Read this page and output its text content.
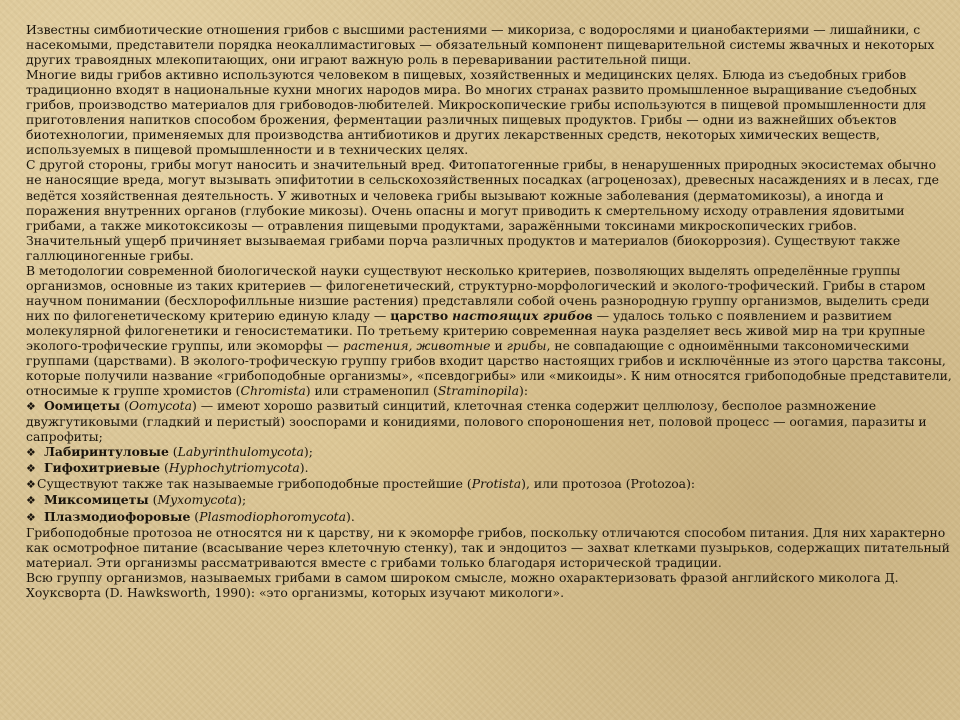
Известны симбиотические отношения грибов с высшими растениями — микориза, с водорослями и цианобактериями — лишайники, с насекомыми, представители порядка неокаллимастиговых — обязательный компонент пищеварительной системы жвачных и некоторых других травоядных млекопитающих, они играют важную роль в переваривании растительной пищи.

Многие виды грибов активно используются человеком в пищевых, хозяйственных и медицинских целях. Блюда из съедобных грибов традиционно входят в национальные кухни многих народов мира. Во многих странах развито промышленное выращивание съедобных грибов, производство материалов для грибоводов-любителей. Микроскопические грибы используются в пищевой промышленности для приготовления напитков способом брожения, ферментации различных пищевых продуктов. Грибы — одни из важнейших объектов биотехнологии, применяемых для производства антибиотиков и других лекарственных средств, некоторых химических веществ, используемых в пищевой промышленности и в технических целях.

С другой стороны, грибы могут наносить и значительный вред. Фитопатогенные грибы, в ненарушенных природных экосистемах обычно не наносящие вреда, могут вызывать эпифитотии в сельскохозяйственных посадках (агроценозах), древесных насаждениях и в лесах, где ведётся хозяйственная деятельность. У животных и человека грибы вызывают кожные заболевания (дерматомикозы), а иногда и поражения внутренних органов (глубокие микозы). Очень опасны и могут приводить к смертельному исходу отравления ядовитыми грибами, а также микотоксикозы — отравления пищевыми продуктами, заражёнными токсинами микроскопических грибов. Значительный ущерб причиняет вызываемая грибами порча различных продуктов и материалов (биокоррозия). Существуют также галлюциногенные грибы.

В методологии современной биологической науки существуют несколько критериев, позволяющих выделять определённые группы организмов, основные из таких критериев — филогенетический, структурно-морфологический и эколого-трофический. Грибы в старом научном понимании (бесхлорофилльные низшие растения) представляли собой очень разнородную группу организмов, выделить среди них по филогенетическому критерию единую кладу — царство настоящих грибов — удалось только с появлением и развитием молекулярной филогенетики и геносистематики. По третьему критерию современная наука разделяет весь живой мир на три крупные эколого-трофические группы, или экоморфы — растения, животные и грибы, не совпадающие с одноимёнными таксономическими группами (царствами). В эколого-трофическую группу грибов входит царство настоящих грибов и исключённые из этого царства таксоны, которые получили название «грибоподобные организмы», «псевдогрибы» или «микоиды». К ним относятся грибоподобные представители, относимые к группе хромистов (Chromista) или страменопил (Straminopila):

❖ Оомицеты (Oomycota) — имеют хорошо развитый синцитий, клеточная стенка содержит целлюлозу, бесполое размножение двужгутиковыми (гладкий и перистый) зооспорами и конидиями, полового спороношения нет, половой процесс — оогамия, паразиты и сапрофиты;

❖ Лабиринтуловые (Labyrinthulomycota);

❖ Гифохитриевые (Hyphochytriomycota).

❖Существуют также так называемые грибоподобные простейшие (Protista), или протозоа (Protozoa):

❖ Миксомицеты (Myxomycota);

❖ Плазмодиофоровые (Plasmodiophoromycota).

Грибоподобные протозоа не относятся ни к царству, ни к экоморфе грибов, поскольку отличаются способом питания. Для них характерно как осмотрофное питание (всасывание через клеточную стенку), так и эндоцитоз — захват клетками пузырьков, содержащих питательный материал. Эти организмы рассматриваются вместе с грибами только благодаря исторической традиции.

Всю группу организмов, называемых грибами в самом широком смысле, можно охарактеризовать фразой английского миколога Д. Хоуксворта (D. Hawksworth, 1990): «это организмы, которых изучают микологи».
